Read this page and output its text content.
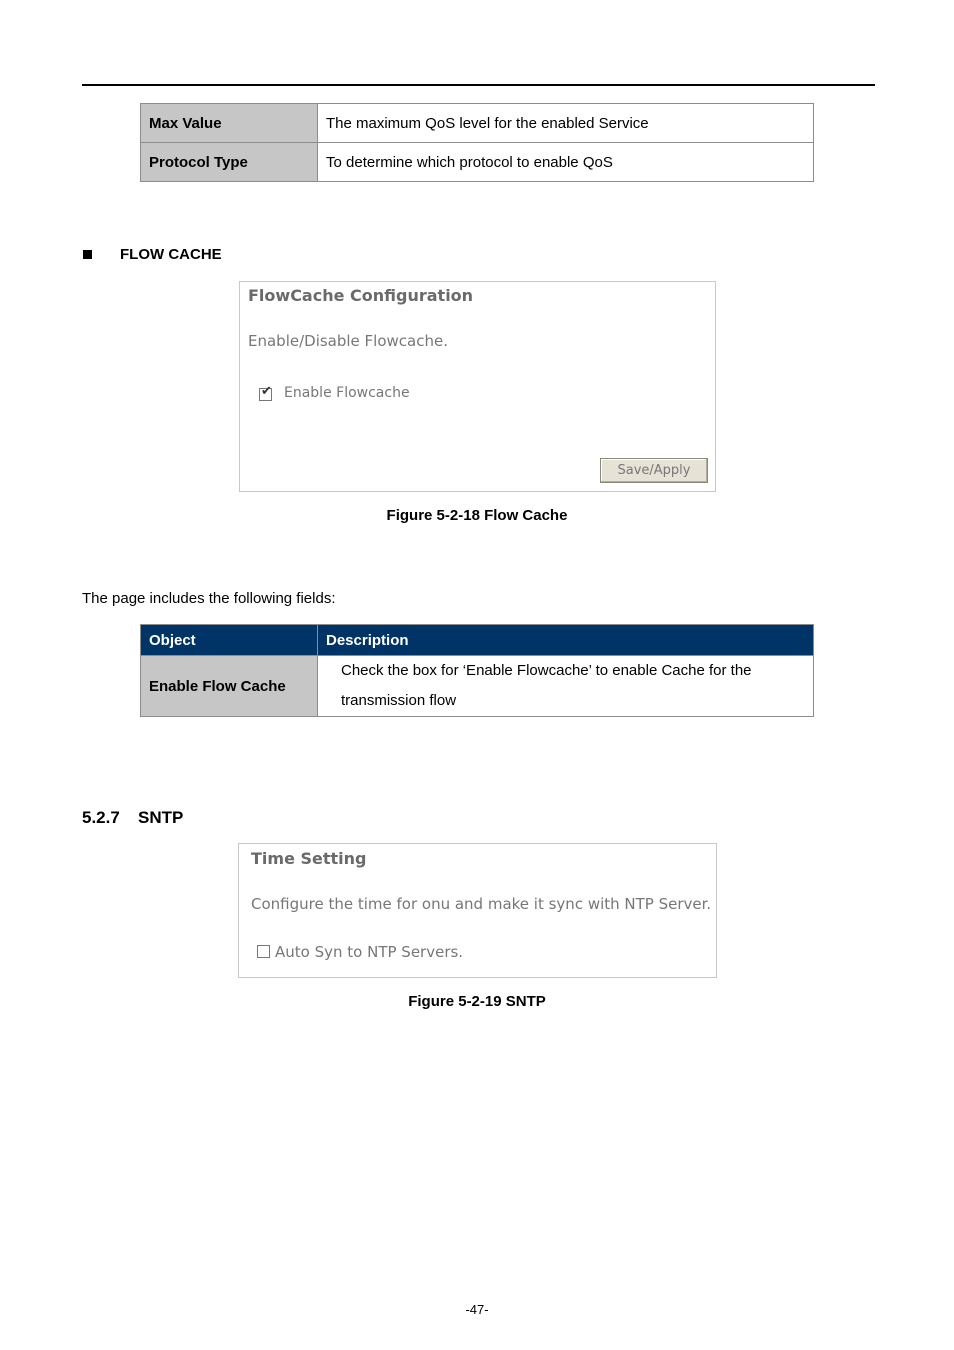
Max Value	The maximum QoS level for the enabled Service
Protocol Type	To determine which protocol to enable QoS
FLOW CACHE
FlowCache Configuration
Enable/Disable Flowcache.
✔ Enable Flowcache
Save/Apply
Figure 5-2-18 Flow Cache
The page includes the following fields:
Object	Description
Enable Flow Cache	Check the box for ‘Enable Flowcache’ to enable Cache for the
transmission flow
5.2.7 SNTP
Time Setting
Configure the time for onu and make it sync with NTP Server.
Auto Syn to NTP Servers.
Figure 5-2-19 SNTP
-47-
